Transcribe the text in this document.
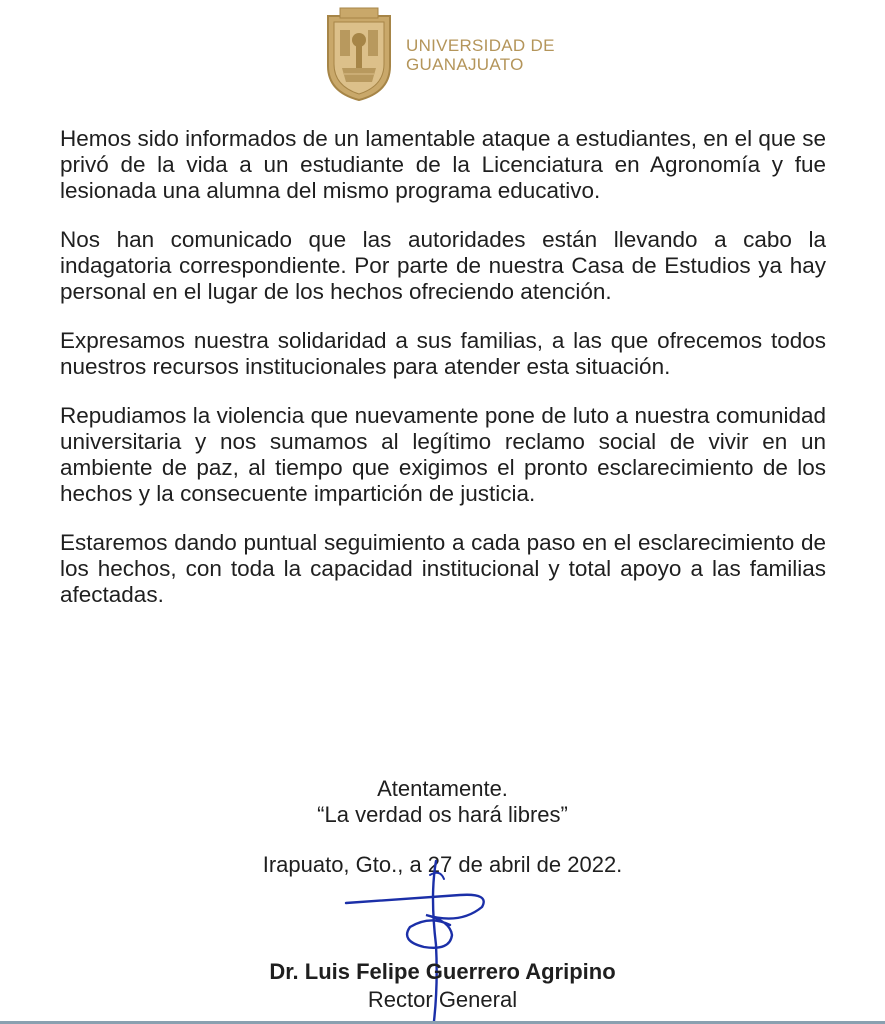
UNIVERSIDAD DE
GUANAJUATO

Hemos sido informados de un lamentable ataque a estudiantes, en el que se privó de la vida a un estudiante de la Licenciatura en Agronomía y fue lesionada una alumna del mismo programa educativo.

Nos han comunicado que las autoridades están llevando a cabo la indagatoria correspondiente. Por parte de nuestra Casa de Estudios ya hay personal en el lugar de los hechos ofreciendo atención.

Expresamos nuestra solidaridad a sus familias, a las que ofrecemos todos nuestros recursos institucionales para atender esta situación.

Repudiamos la violencia que nuevamente pone de luto a nuestra comunidad universitaria y nos sumamos al legítimo reclamo social de vivir en un ambiente de paz, al tiempo que exigimos el pronto esclarecimiento de los hechos y la consecuente impartición de justicia.

Estaremos dando puntual seguimiento a cada paso en el esclarecimiento de los hechos, con toda la capacidad institucional y total apoyo a las familias afectadas.

Atentamente.
“La verdad os hará libres”
Irapuato, Gto., a 27 de abril de 2022.
Dr. Luis Felipe Guerrero Agripino
Rector General
